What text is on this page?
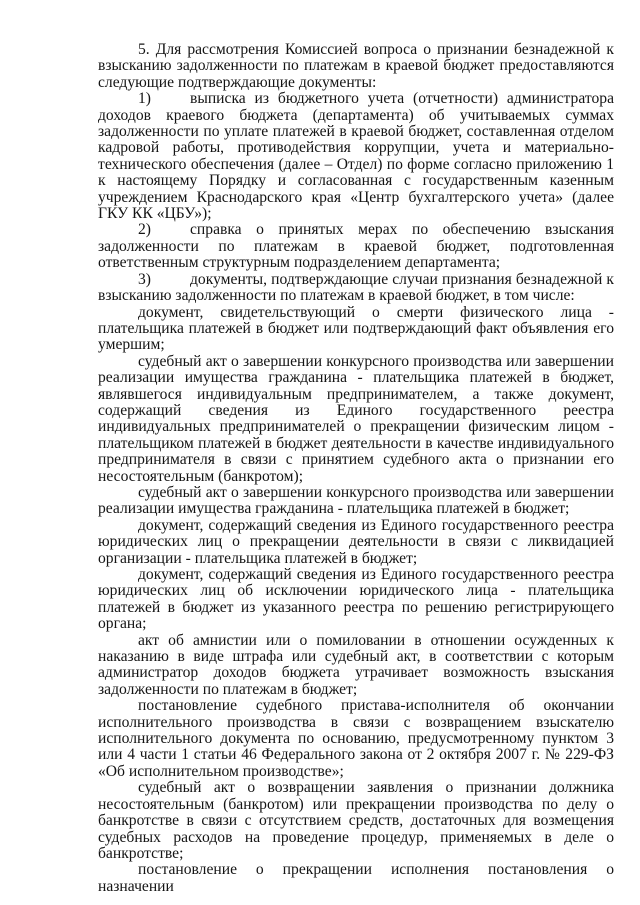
5. Для рассмотрения Комиссией вопроса о признании безнадежной к взысканию задолженности по платежам в краевой бюджет предоставляются следующие подтверждающие документы:

1)	выписка из бюджетного учета (отчетности) администратора доходов краевого бюджета (департамента) об учитываемых суммах задолженности по уплате платежей в краевой бюджет, составленная отделом кадровой работы, противодействия коррупции, учета и материально-технического обеспечения (далее – Отдел) по форме согласно приложению 1 к настоящему Порядку и согласованная с государственным казенным учреждением Краснодарского края «Центр бухгалтерского учета» (далее ГКУ КК «ЦБУ»);

2)	справка о принятых мерах по обеспечению взыскания задолженности по платежам в краевой бюджет, подготовленная ответственным структурным подразделением департамента;

3)	документы, подтверждающие случаи признания безнадежной к взысканию задолженности по платежам в краевой бюджет, в том числе:

документ, свидетельствующий о смерти физического лица - плательщика платежей в бюджет или подтверждающий факт объявления его умершим;

судебный акт о завершении конкурсного производства или завершении реализации имущества гражданина - плательщика платежей в бюджет, являвшегося индивидуальным предпринимателем, а также документ, содержащий сведения из Единого государственного реестра индивидуальных предпринимателей о прекращении физическим лицом - плательщиком платежей в бюджет деятельности в качестве индивидуального предпринимателя в связи с принятием судебного акта о признании его несостоятельным (банкротом);

судебный акт о завершении конкурсного производства или завершении реализации имущества гражданина - плательщика платежей в бюджет;

документ, содержащий сведения из Единого государственного реестра юридических лиц о прекращении деятельности в связи с ликвидацией организации - плательщика платежей в бюджет;

документ, содержащий сведения из Единого государственного реестра юридических лиц об исключении юридического лица - плательщика платежей в бюджет из указанного реестра по решению регистрирующего органа;

акт об амнистии или о помиловании в отношении осужденных к наказанию в виде штрафа или судебный акт, в соответствии с которым администратор доходов бюджета утрачивает возможность взыскания задолженности по платежам в бюджет;

постановление судебного пристава-исполнителя об окончании исполнительного производства в связи с возвращением взыскателю исполнительного документа по основанию, предусмотренному пунктом 3 или 4 части 1 статьи 46 Федерального закона от 2 октября 2007 г. № 229-ФЗ «Об исполнительном производстве»;

судебный акт о возвращении заявления о признании должника несостоятельным (банкротом) или прекращении производства по делу о банкротстве в связи с отсутствием средств, достаточных для возмещения судебных расходов на проведение процедур, применяемых в деле о банкротстве;

постановление о прекращении исполнения постановления о назначении
